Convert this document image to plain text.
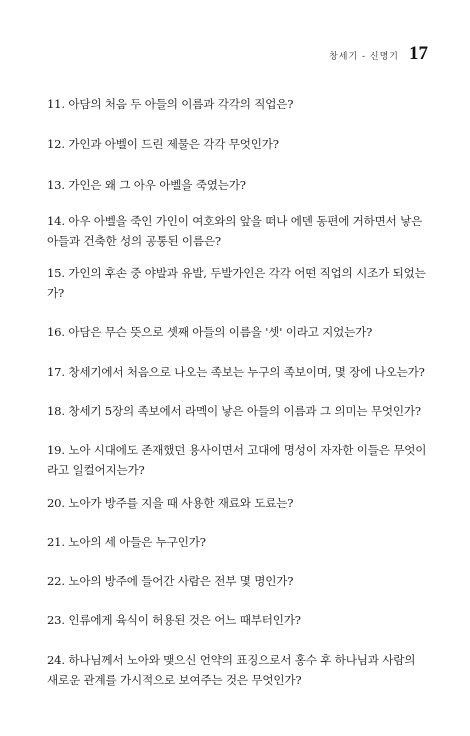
창세기 - 신명기 17
11. 아담의 처음 두 아들의 이름과 각각의 직업은?
12. 가인과 아벨이 드린 제물은 각각 무엇인가?
13. 가인은 왜 그 아우 아벨을 죽였는가?
14. 아우 아벨을 죽인 가인이 여호와의 앞을 떠나 에덴 동편에 거하면서 낳은
아들과 건축한 성의 공통된 이름은?
15. 가인의 후손 중 야발과 유발, 두발가인은 각각 어떤 직업의 시조가 되었는
가?
16. 아담은 무슨 뜻으로 셋째 아들의 이름을 '셋' 이라고 지었는가?
17. 창세기에서 처음으로 나오는 족보는 누구의 족보이며, 몇 장에 나오는가?
18. 창세기 5장의 족보에서 라멕이 낳은 아들의 이름과 그 의미는 무엇인가?
19. 노아 시대에도 존재했던 용사이면서 고대에 명성이 자자한 이들은 무엇이
라고 일컬어지는가?
20. 노아가 방주를 지을 때 사용한 재료와 도료는?
21. 노아의 세 아들은 누구인가?
22. 노아의 방주에 들어간 사람은 전부 몇 명인가?
23. 인류에게 육식이 허용된 것은 어느 때부터인가?
24. 하나님께서 노아와 맺으신 언약의 표징으로서 홍수 후 하나님과 사람의
새로운 관계를 가시적으로 보여주는 것은 무엇인가?
